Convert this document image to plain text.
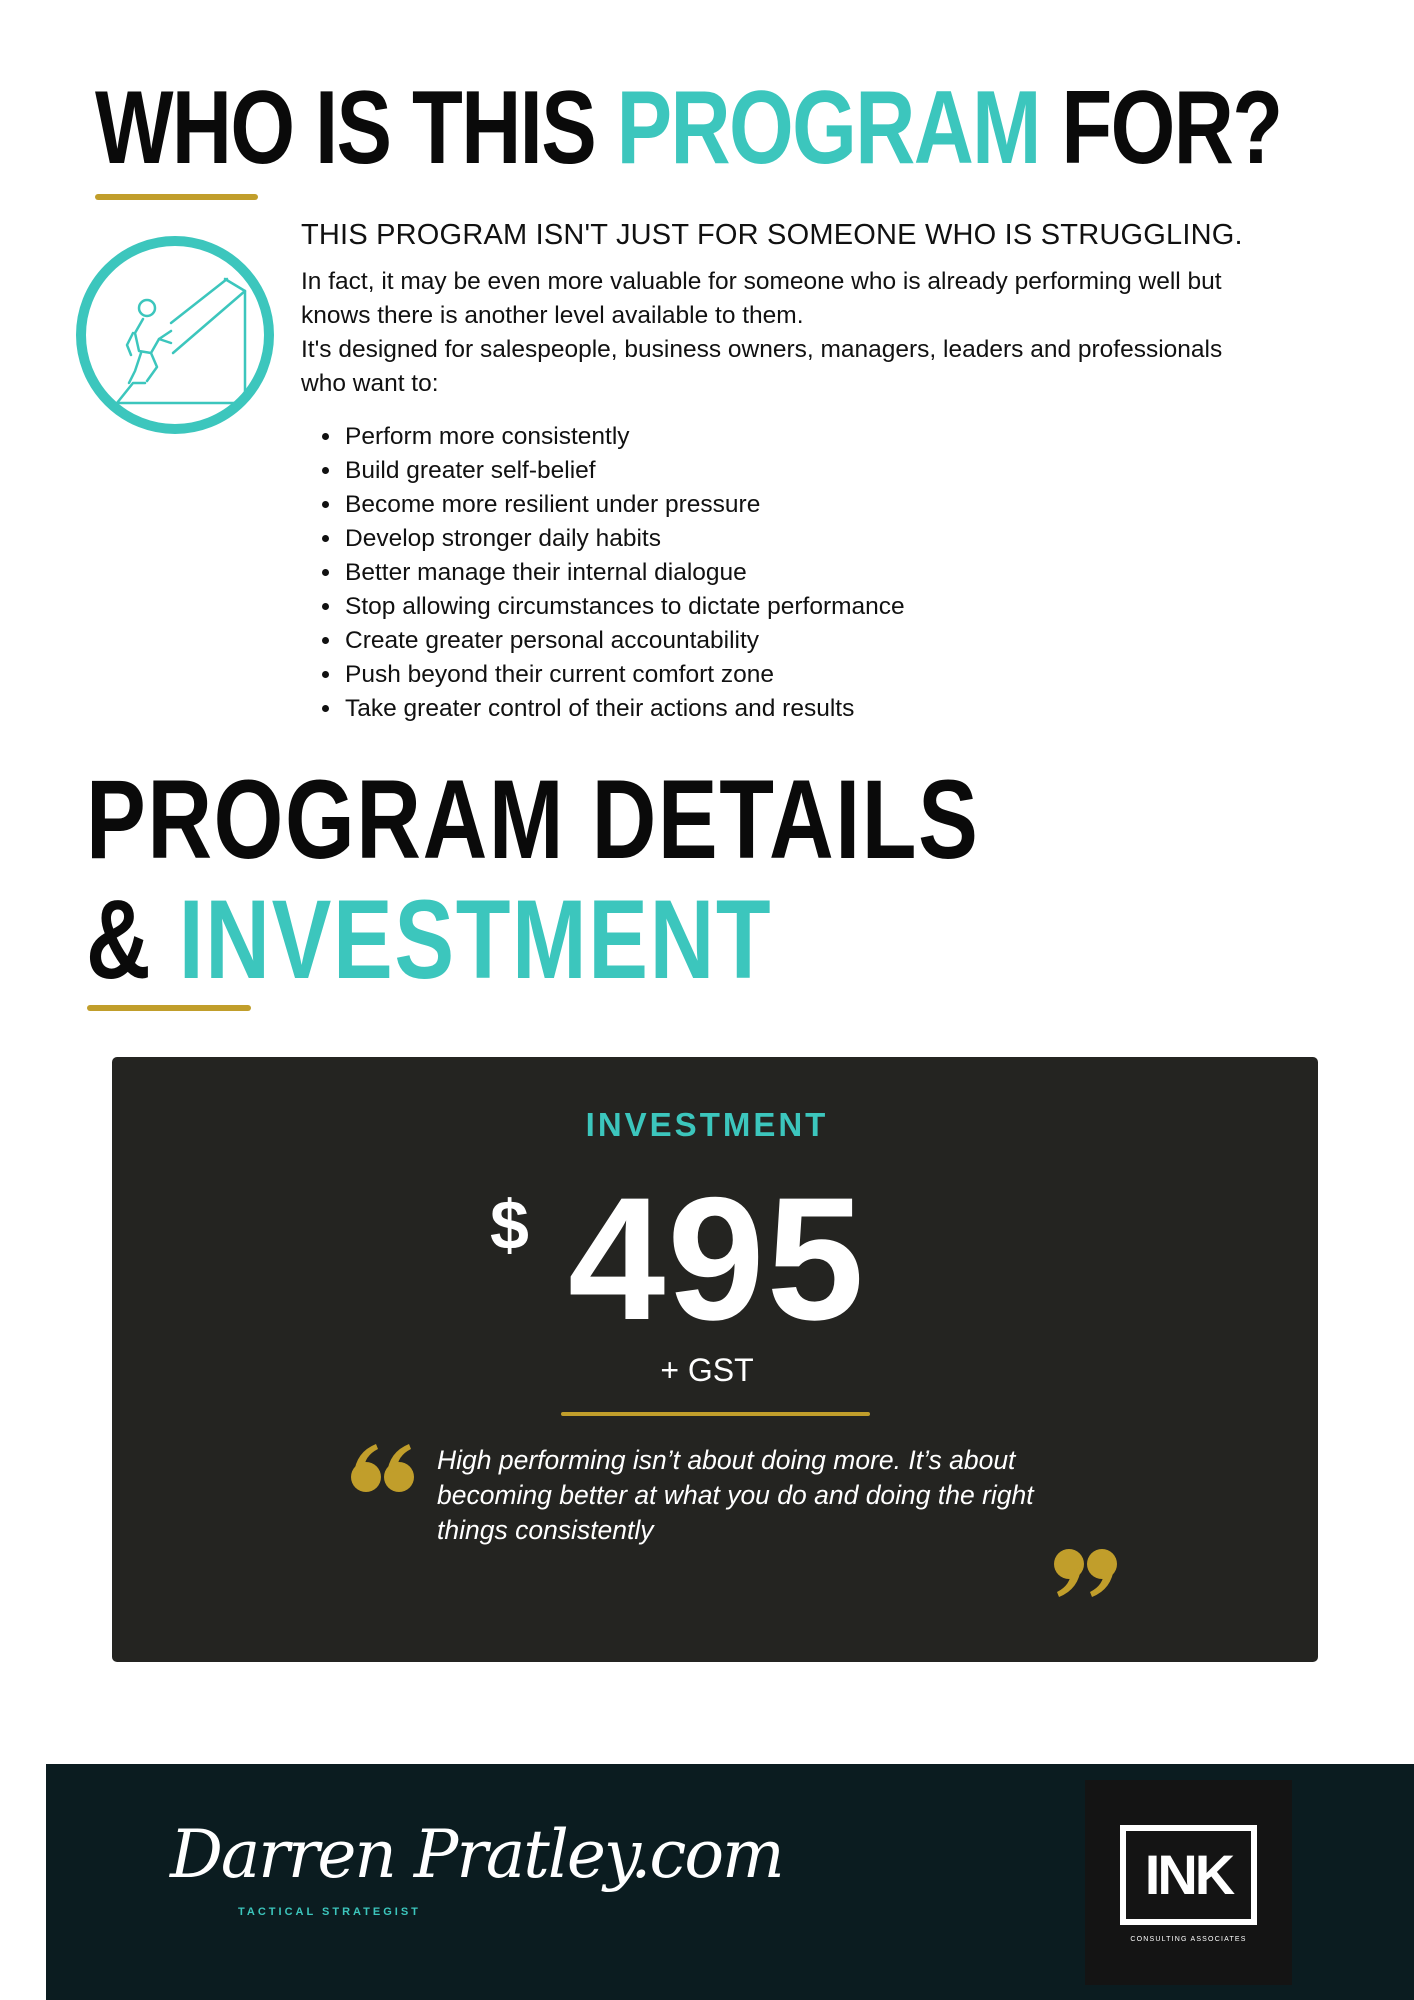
WHO IS THIS PROGRAM FOR?
THIS PROGRAM ISN'T JUST FOR SOMEONE WHO IS STRUGGLING.

In fact, it may be even more valuable for someone who is already performing well but knows there is another level available to them.

It's designed for salespeople, business owners, managers, leaders and professionals who want to:

• Perform more consistently
• Build greater self-belief
• Become more resilient under pressure
• Develop stronger daily habits
• Better manage their internal dialogue
• Stop allowing circumstances to dictate performance
• Create greater personal accountability
• Push beyond their current comfort zone
• Take greater control of their actions and results
PROGRAM DETAILS
& INVESTMENT
INVESTMENT
$ 495
+ GST
High performing isn’t about doing more. It’s about becoming better at what you do and doing the right things consistently
Darren Pratley.com
TACTICAL STRATEGIST
INK
CONSULTING ASSOCIATES
